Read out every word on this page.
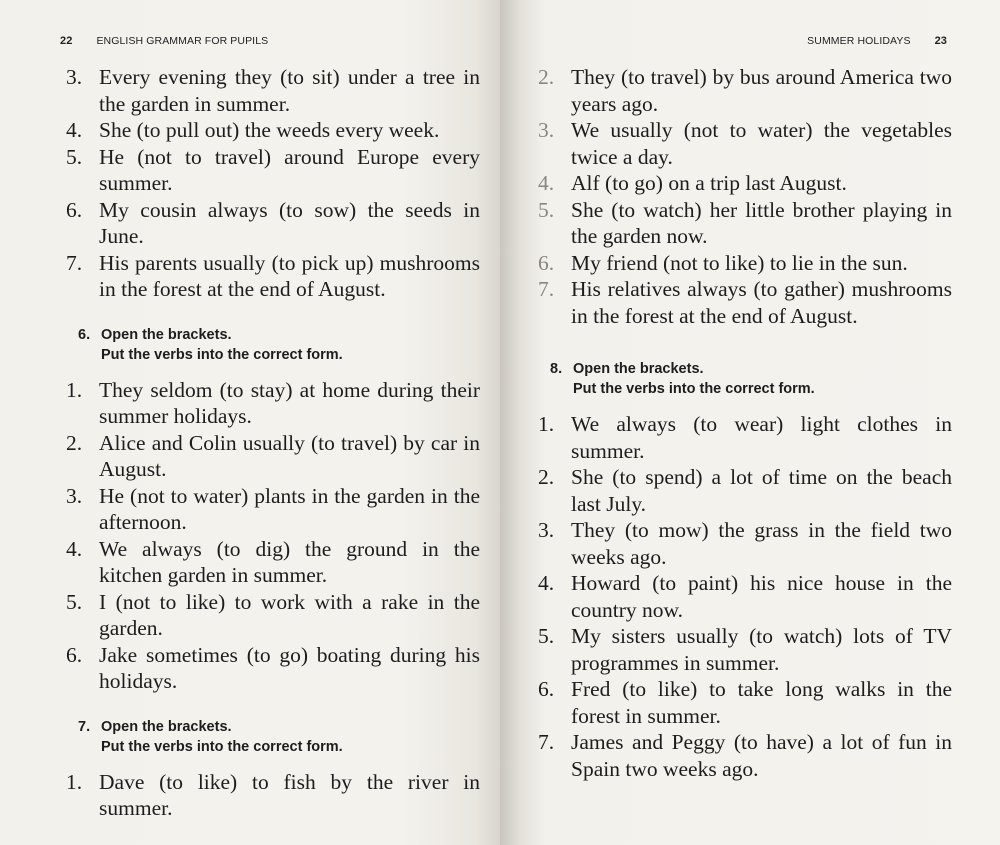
22 ENGLISH GRAMMAR FOR PUPILS
3. Every evening they (to sit) under a tree in the garden in summer.
4. She (to pull out) the weeds every week.
5. He (not to travel) around Europe every summer.
6. My cousin always (to sow) the seeds in June.
7. His parents usually (to pick up) mushrooms in the forest at the end of August.
6. Open the brackets.
Put the verbs into the correct form.
1. They seldom (to stay) at home during their summer holidays.
2. Alice and Colin usually (to travel) by car in August.
3. He (not to water) plants in the garden in the afternoon.
4. We always (to dig) the ground in the kitchen garden in summer.
5. I (not to like) to work with a rake in the garden.
6. Jake sometimes (to go) boating during his holidays.
7. Open the brackets.
Put the verbs into the correct form.
1. Dave (to like) to fish by the river in summer.
SUMMER HOLIDAYS 23
2. They (to travel) by bus around America two years ago.
3. We usually (not to water) the vegetables twice a day.
4. Alf (to go) on a trip last August.
5. She (to watch) her little brother playing in the garden now.
6. My friend (not to like) to lie in the sun.
7. His relatives always (to gather) mushrooms in the forest at the end of August.
8. Open the brackets.
Put the verbs into the correct form.
1. We always (to wear) light clothes in summer.
2. She (to spend) a lot of time on the beach last July.
3. They (to mow) the grass in the field two weeks ago.
4. Howard (to paint) his nice house in the country now.
5. My sisters usually (to watch) lots of TV programmes in summer.
6. Fred (to like) to take long walks in the forest in summer.
7. James and Peggy (to have) a lot of fun in Spain two weeks ago.
